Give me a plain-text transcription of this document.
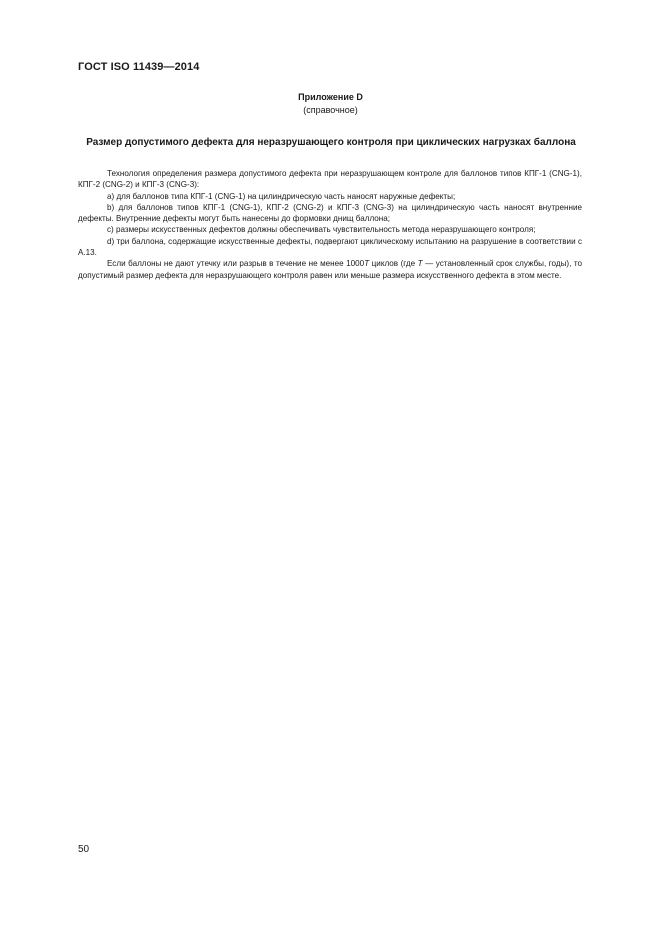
ГОСТ ISO 11439—2014
Приложение D
(справочное)
Размер допустимого дефекта для неразрушающего контроля при циклических нагрузках баллона

Технология определения размера допустимого дефекта при неразрушающем контроле для баллонов типов КПГ-1 (CNG-1), КПГ-2 (CNG-2) и КПГ-3 (CNG-3):

а) для баллонов типа КПГ-1 (CNG-1) на цилиндрическую часть наносят наружные дефекты;

b) для баллонов типов КПГ-1 (CNG-1), КПГ-2 (CNG-2) и КПГ-3 (CNG-3) на цилиндрическую часть наносят внутренние дефекты. Внутренние дефекты могут быть нанесены до формовки днищ баллона;

с) размеры искусственных дефектов должны обеспечивать чувствительность метода неразрушающего контроля;

d) три баллона, содержащие искусственные дефекты, подвергают циклическому испытанию на разрушение в соответствии с А.13.

Если баллоны не дают утечку или разрыв в течение не менее 1000T циклов (где T — установленный срок службы, годы), то допустимый размер дефекта для неразрушающего контроля равен или меньше размера искусственного дефекта в этом месте.

50
